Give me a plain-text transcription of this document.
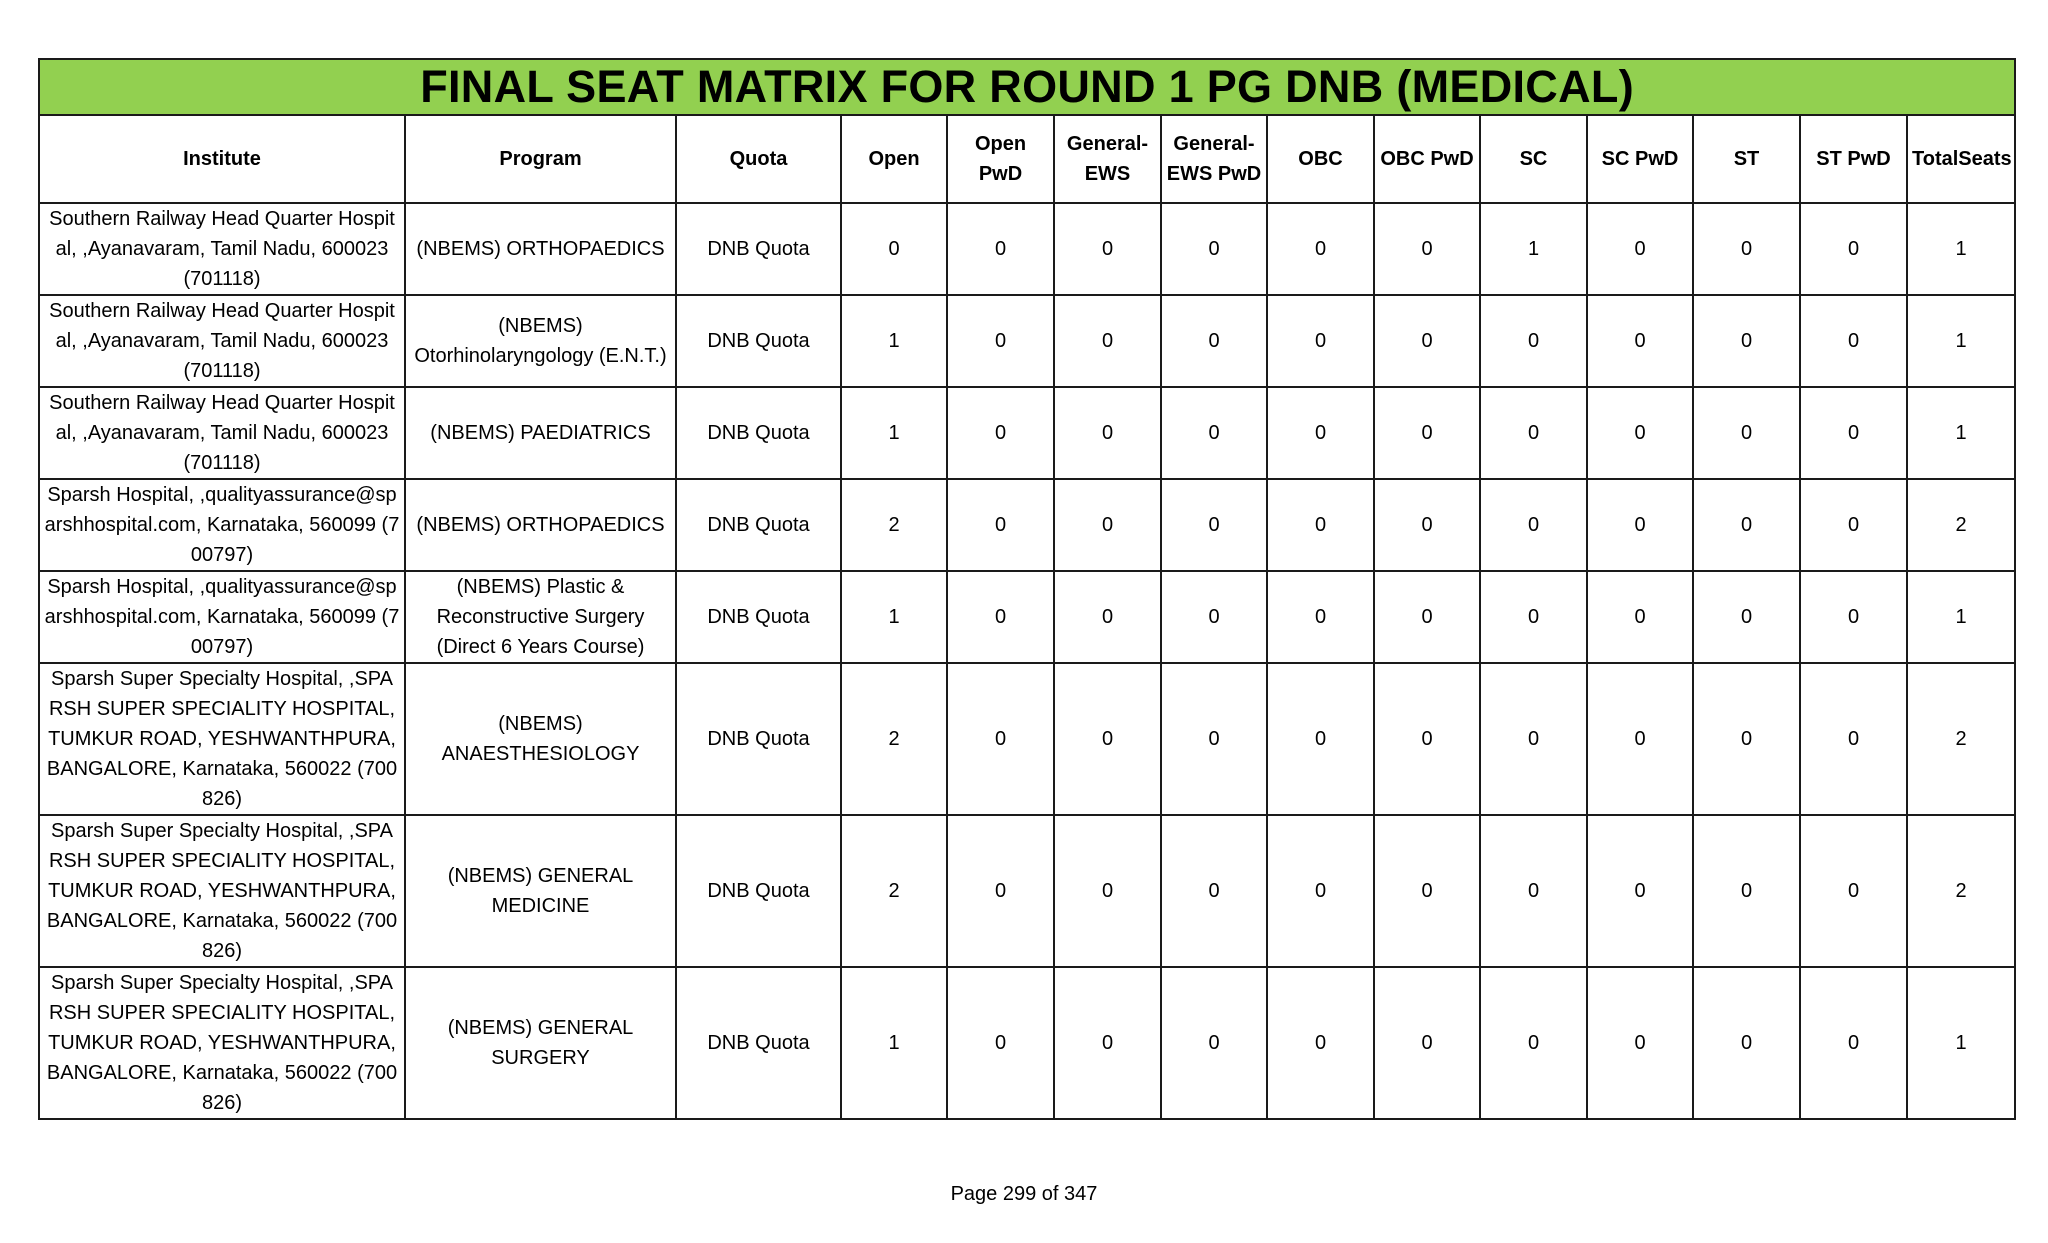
FINAL SEAT MATRIX FOR ROUND 1 PG DNB (MEDICAL)													
Institute	Program	Quota	Open	Open PwD	General-EWS	General-EWS PwD	OBC	OBC PwD	SC	SC PwD	ST	ST PwD	TotalSeats

Southern Railway Head Quarter Hospital, ,Ayanavaram, Tamil Nadu, 600023 (701118)	(NBEMS) ORTHOPAEDICS	DNB Quota	0	0	0	0	0	0	1	0	0	0	1

Southern Railway Head Quarter Hospital, ,Ayanavaram, Tamil Nadu, 600023 (701118)	(NBEMS) Otorhinolaryngology (E.N.T.)	DNB Quota	1	0	0	0	0	0	0	0	0	0	1

Southern Railway Head Quarter Hospital, ,Ayanavaram, Tamil Nadu, 600023 (701118)	(NBEMS) PAEDIATRICS	DNB Quota	1	0	0	0	0	0	0	0	0	0	1

Sparsh Hospital, ,qualityassurance@sparshhospital.com, Karnataka, 560099 (700797)	(NBEMS) ORTHOPAEDICS	DNB Quota	2	0	0	0	0	0	0	0	0	0	2

Sparsh Hospital, ,qualityassurance@sparshhospital.com, Karnataka, 560099 (700797)	(NBEMS) Plastic & Reconstructive Surgery (Direct 6 Years Course)	DNB Quota	1	0	0	0	0	0	0	0	0	0	1

Sparsh Super Specialty Hospital, ,SPARSH SUPER SPECIALITY HOSPITAL, TUMKUR ROAD, YESHWANTHPURA, BANGALORE, Karnataka, 560022 (700826)	(NBEMS) ANAESTHESIOLOGY	DNB Quota	2	0	0	0	0	0	0	0	0	0	2

Sparsh Super Specialty Hospital, ,SPARSH SUPER SPECIALITY HOSPITAL, TUMKUR ROAD, YESHWANTHPURA, BANGALORE, Karnataka, 560022 (700826)	(NBEMS) GENERAL MEDICINE	DNB Quota	2	0	0	0	0	0	0	0	0	0	2

Sparsh Super Specialty Hospital, ,SPARSH SUPER SPECIALITY HOSPITAL, TUMKUR ROAD, YESHWANTHPURA, BANGALORE, Karnataka, 560022 (700826)	(NBEMS) GENERAL SURGERY	DNB Quota	1	0	0	0	0	0	0	0	0	0	1
Page 299 of 347
